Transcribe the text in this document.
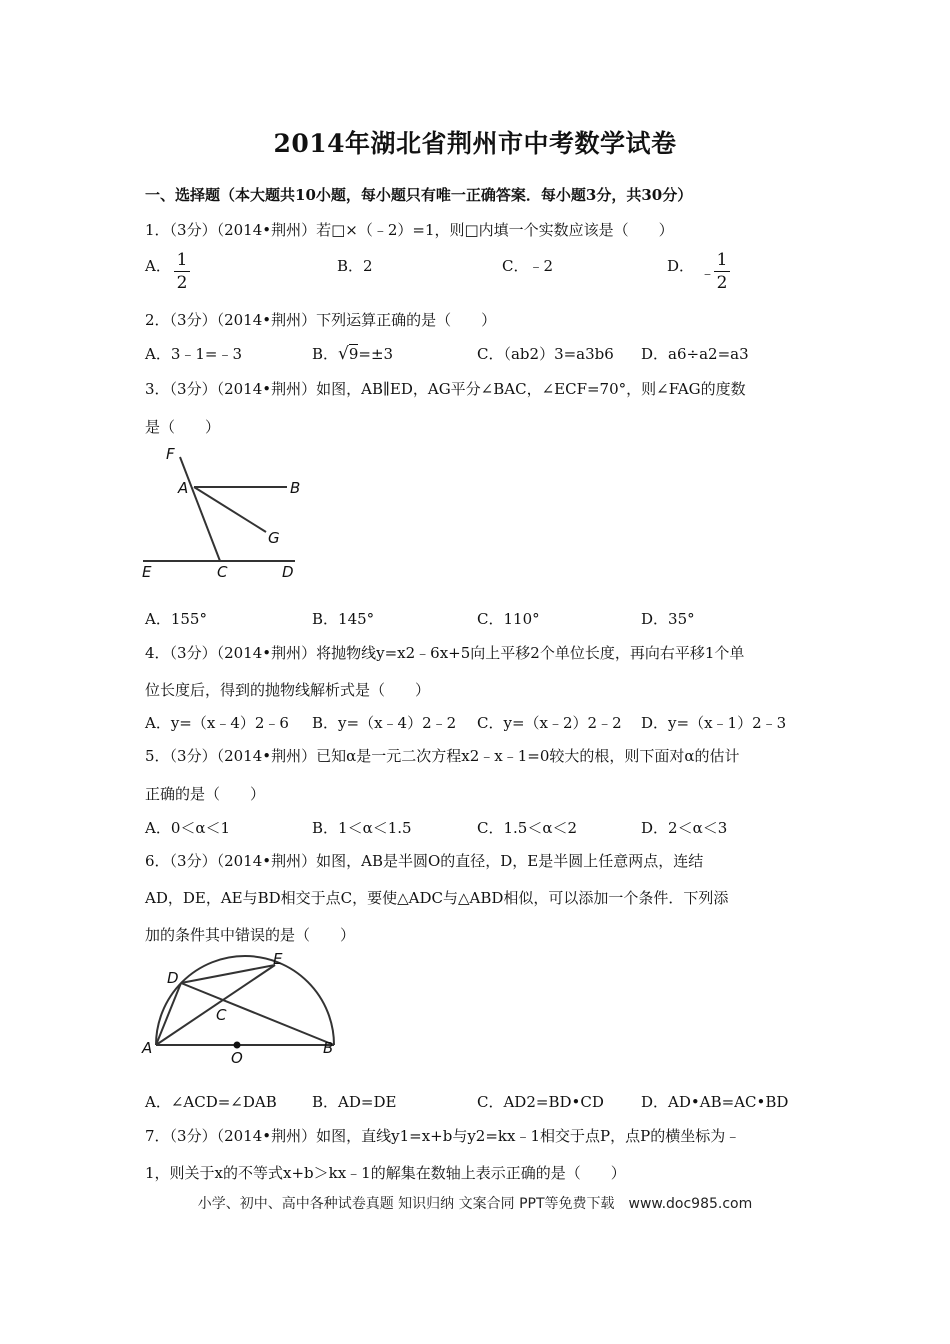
2014年湖北省荆州市中考数学试卷
一、选择题（本大题共10小题，每小题只有唯一正确答案．每小题3分，共30分）
1．（3分）（2014•荆州）若□×（﹣2）=1，则□内填一个实数应该是（　　）
A． 1
2
B．2	C．﹣2	D． ﹣
1
2
2．（3分）（2014•荆州）下列运算正确的是（　　）
A．3﹣1=﹣3	B．√9=±3	C．（ab2）3=a3b6 D．a6÷a2=a3
3．（3分）（2014•荆州）如图，AB∥ED，AG平分∠BAC，∠ECF=70°，则∠FAG的度数
是（　　）
F
A	B
G
E	C	D
A．155°	B．145°	C．110°	D．35°
4．（3分）（2014•荆州）将抛物线y=x2﹣6x+5向上平移2个单位长度，再向右平移1个单
位长度后，得到的抛物线解析式是（　　）
A．y=（x﹣4）2﹣6 B．y=（x﹣4）2﹣2 C．y=（x﹣2）2﹣2 D．y=（x﹣1）2﹣3
5．（3分）（2014•荆州）已知α是一元二次方程x2﹣x﹣1=0较大的根，则下面对α的估计
正确的是（　　）
A．0＜α＜1	B．1＜α＜1.5	C．1.5＜α＜2	D．2＜α＜3
6．（3分）（2014•荆州）如图，AB是半圆O的直径，D，E是半圆上任意两点，连结
AD，DE，AE与BD相交于点C，要使△ADC与△ABD相似，可以添加一个条件．下列添
加的条件其中错误的是（　　）
D
E
C
A
O
B
A．∠ACD=∠DAB B．AD=DE	C．AD2=BD•CD D．AD•AB=AC•BD
7．（3分）（2014•荆州）如图，直线y1=x+b与y2=kx﹣1相交于点P，点P的横坐标为﹣
1，则关于x的不等式x+b＞kx﹣1的解集在数轴上表示正确的是（　　）
小学、初中、高中各种试卷真题 知识归纳 文案合同 PPT等免费下载　www.doc985.com
